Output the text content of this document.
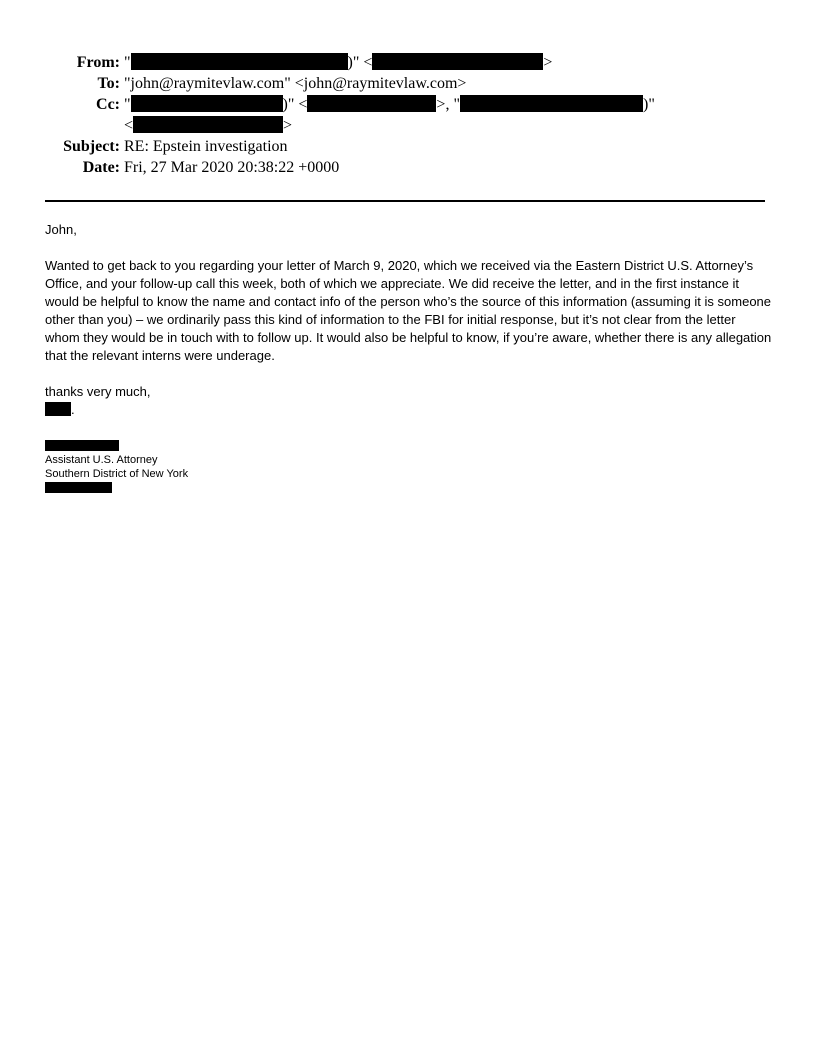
From: "	)" <	>
To: "john@raymitevlaw.com" <john@raymitevlaw.com>
Cc: "	)" <	>, "	)"
<	>
Subject: RE: Epstein investigation
Date: Fri, 27 Mar 2020 20:38:22 +0000

John,

Wanted to get back to you regarding your letter of March 9, 2020, which we received via the Eastern District U.S. Attorney’s Office, and your follow-up call this week, both of which we appreciate. We did receive the letter, and in the first instance it would be helpful to know the name and contact info of the person who’s the source of this information (assuming it is someone other than you) – we ordinarily pass this kind of information to the FBI for initial response, but it’s not clear from the letter whom they would be in touch with to follow up. It would also be helpful to know, if you’re aware, whether there is any allegation that the relevant interns were underage.

thanks very much,

.

Assistant U.S. Attorney
Southern District of New York
